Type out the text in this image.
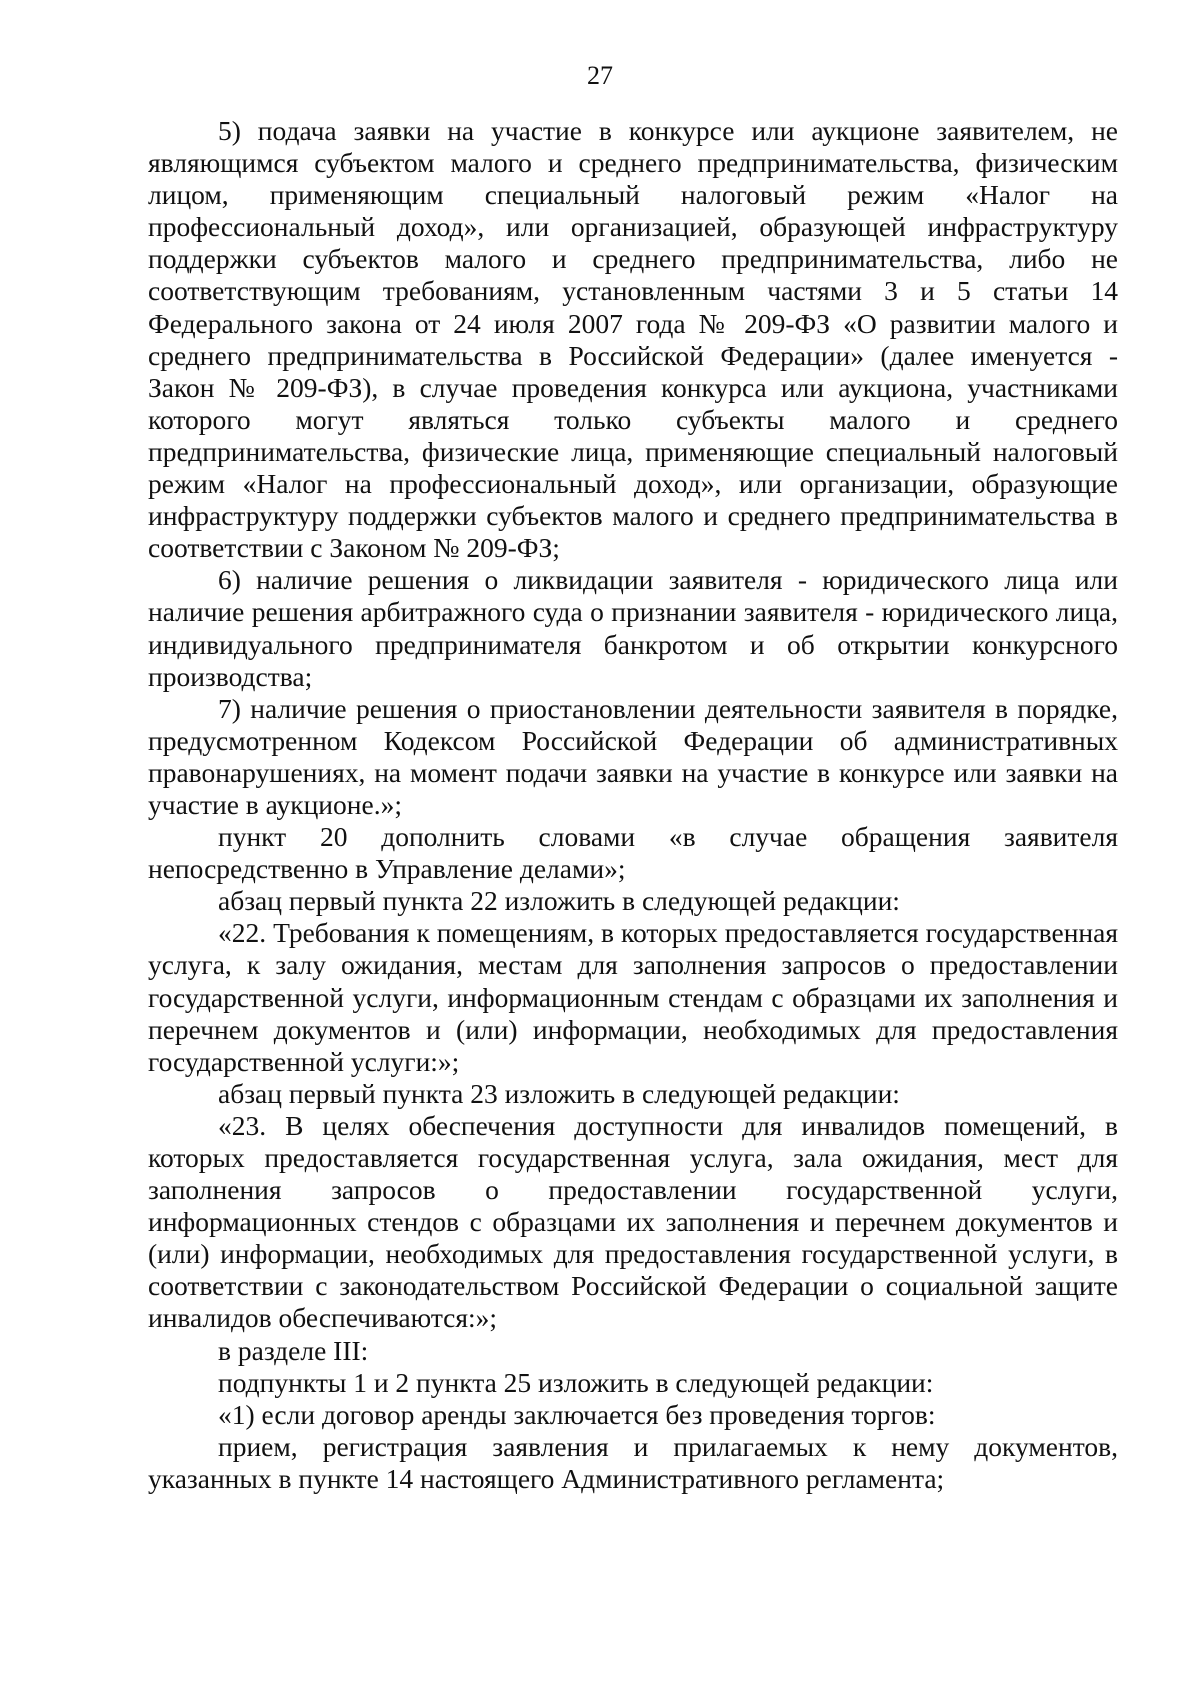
27

5) подача заявки на участие в конкурсе или аукционе заявителем, не являющимся субъектом малого и среднего предпринимательства, физическим лицом, применяющим специальный налоговый режим «Налог на профессиональный доход», или организацией, образующей инфраструктуру поддержки субъектов малого и среднего предпринимательства, либо не соответствующим требованиям, установленным частями 3 и 5 статьи 14 Федерального закона от 24 июля 2007 года № 209-ФЗ «О развитии малого и среднего предпринимательства в Российской Федерации» (далее именуется - Закон № 209-ФЗ), в случае проведения конкурса или аукциона, участниками которого могут являться только субъекты малого и среднего предпринимательства, физические лица, применяющие специальный налоговый режим «Налог на профессиональный доход», или организации, образующие инфраструктуру поддержки субъектов малого и среднего предпринимательства в соответствии с Законом № 209-ФЗ;

6) наличие решения о ликвидации заявителя - юридического лица или наличие решения арбитражного суда о признании заявителя - юридического лица, индивидуального предпринимателя банкротом и об открытии конкурсного производства;

7) наличие решения о приостановлении деятельности заявителя в порядке, предусмотренном Кодексом Российской Федерации об административных правонарушениях, на момент подачи заявки на участие в конкурсе или заявки на участие в аукционе.»;

пункт 20 дополнить словами «в случае обращения заявителя непосредственно в Управление делами»;

абзац первый пункта 22 изложить в следующей редакции:

«22. Требования к помещениям, в которых предоставляется государственная услуга, к залу ожидания, местам для заполнения запросов о предоставлении государственной услуги, информационным стендам с образцами их заполнения и перечнем документов и (или) информации, необходимых для предоставления государственной услуги:»;

абзац первый пункта 23 изложить в следующей редакции:

«23. В целях обеспечения доступности для инвалидов помещений, в которых предоставляется государственная услуга, зала ожидания, мест для заполнения запросов о предоставлении государственной услуги, информационных стендов с образцами их заполнения и перечнем документов и (или) информации, необходимых для предоставления государственной услуги, в соответствии с законодательством Российской Федерации о социальной защите инвалидов обеспечиваются:»;

в разделе III:

подпункты 1 и 2 пункта 25 изложить в следующей редакции:

«1) если договор аренды заключается без проведения торгов:

прием, регистрация заявления и прилагаемых к нему документов, указанных в пункте 14 настоящего Административного регламента;
